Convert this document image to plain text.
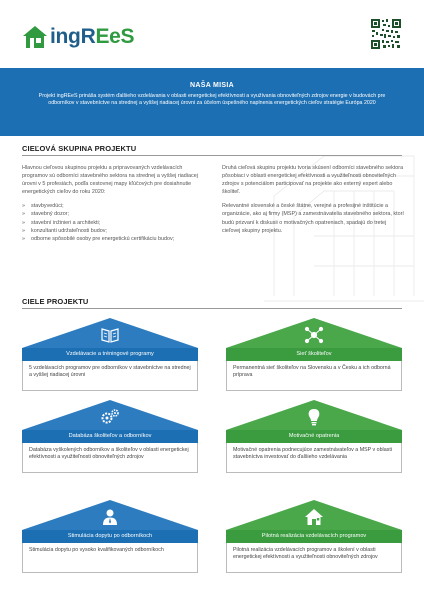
ingREeS
NAŠA MISIA

Projekt ingREeS prináša systém ďalšieho vzdelávania v oblasti energetickej efektívnosti a využívania obnoviteľných zdrojov energie v budovách pre odborníkov v stavebníctve na strednej a vyššej riadiacej úrovni za účelom úspešného naplnenia energetických cieľov stratégie Európa 2020

CIEĽOVÁ SKUPINA PROJEKTU

Hlavnou cieľovou skupinou projektu a pripravovaných vzdelávacích programov sú odborníci stavebného sektora na strednej a vyššej riadiacej úrovni v 5 profesiách, podľa cestovnej mapy kľúčových pre dosiahnutie energetických cieľov do roku 2020:

» stavbyvedúci;
» stavebný dozor;
» stavební inžinieri a architekti;
» konzultanti udržateľnosti budov;
» odborne spôsobilé osoby pre energetickú certifikáciu budov;

Druhá cieľová skupinu projektu tvoria skúsení odborníci stavebného sektora pôsobiaci v oblasti energetickej efektívnosti a využiteľnosti obnoviteľných zdrojov s potenciálom participovať na projekte ako externý expert alebo školiteľ.

Relevantné slovenské a české štátne, verejné a profesijné inštitúcie a organizácie, ako aj firmy (MSP) a zamestnávatelia stavebného sektora, ktorí budú prizvaní k diskusii o motivačných opatreniach, spadajú do tretej cieľovej skupiny projektu.

CIELE PROJEKTU
Vzdelávacie a tréningové programy
5 vzdelávacích programov pre odborníkov v stavebníctve na strednej a vyššej riadiacej úrovni
Sieť školiteľov
Permanentná sieť školiteľov na Slovensku a v Česku a ich odborná príprava
Databáza školiteľov a odborníkov
Databáza vyškolených odborníkov a školiteľov v oblasti energetickej efektívnosti a využiteľnosti obnoviteľných zdrojov
Motivačné opatrenia
Motivačné opatrenia podnecujúce zamestnávateľov a MSP v oblasti stavebníctva investovať do ďalšieho vzdelávania
Stimulácia dopytu po odborníkoch
Stimulácia dopytu po vysoko kvalifikovaných odborníkoch
Pilotná realizácia vzdelávacích programov
Pilotná realizácia vzdelávacích programov a školení v oblasti energetickej efektívnosti a využiteľnosti obnoviteľných zdrojov
